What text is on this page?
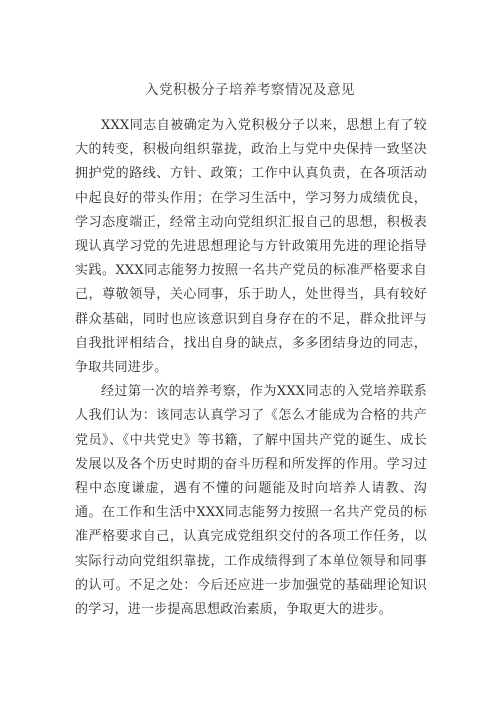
入党积极分子培养考察情况及意见

XXX同志自被确定为入党积极分子以来，思想上有了较大的转变，积极向组织靠拢，政治上与党中央保持一致坚决拥护党的路线、方针、政策；工作中认真负责，在各项活动中起良好的带头作用；在学习生活中，学习努力成绩优良，学习态度端正，经常主动向党组织汇报自己的思想，积极表现认真学习党的先进思想理论与方针政策用先进的理论指导实践。XXX同志能努力按照一名共产党员的标准严格要求自己，尊敬领导，关心同事，乐于助人，处世得当，具有较好群众基础，同时也应该意识到自身存在的不足，群众批评与自我批评相结合，找出自身的缺点，多多团结身边的同志，争取共同进步。

经过第一次的培养考察，作为XXX同志的入党培养联系人我们认为：该同志认真学习了《怎么才能成为合格的共产党员》、《中共党史》等书籍，了解中国共产党的诞生、成长发展以及各个历史时期的奋斗历程和所发挥的作用。学习过程中态度谦虚，遇有不懂的问题能及时向培养人请教、沟通。在工作和生活中XXX同志能努力按照一名共产党员的标准严格要求自己，认真完成党组织交付的各项工作任务，以实际行动向党组织靠拢，工作成绩得到了本单位领导和同事的认可。不足之处：今后还应进一步加强党的基础理论知识的学习，进一步提高思想政治素质，争取更大的进步。
